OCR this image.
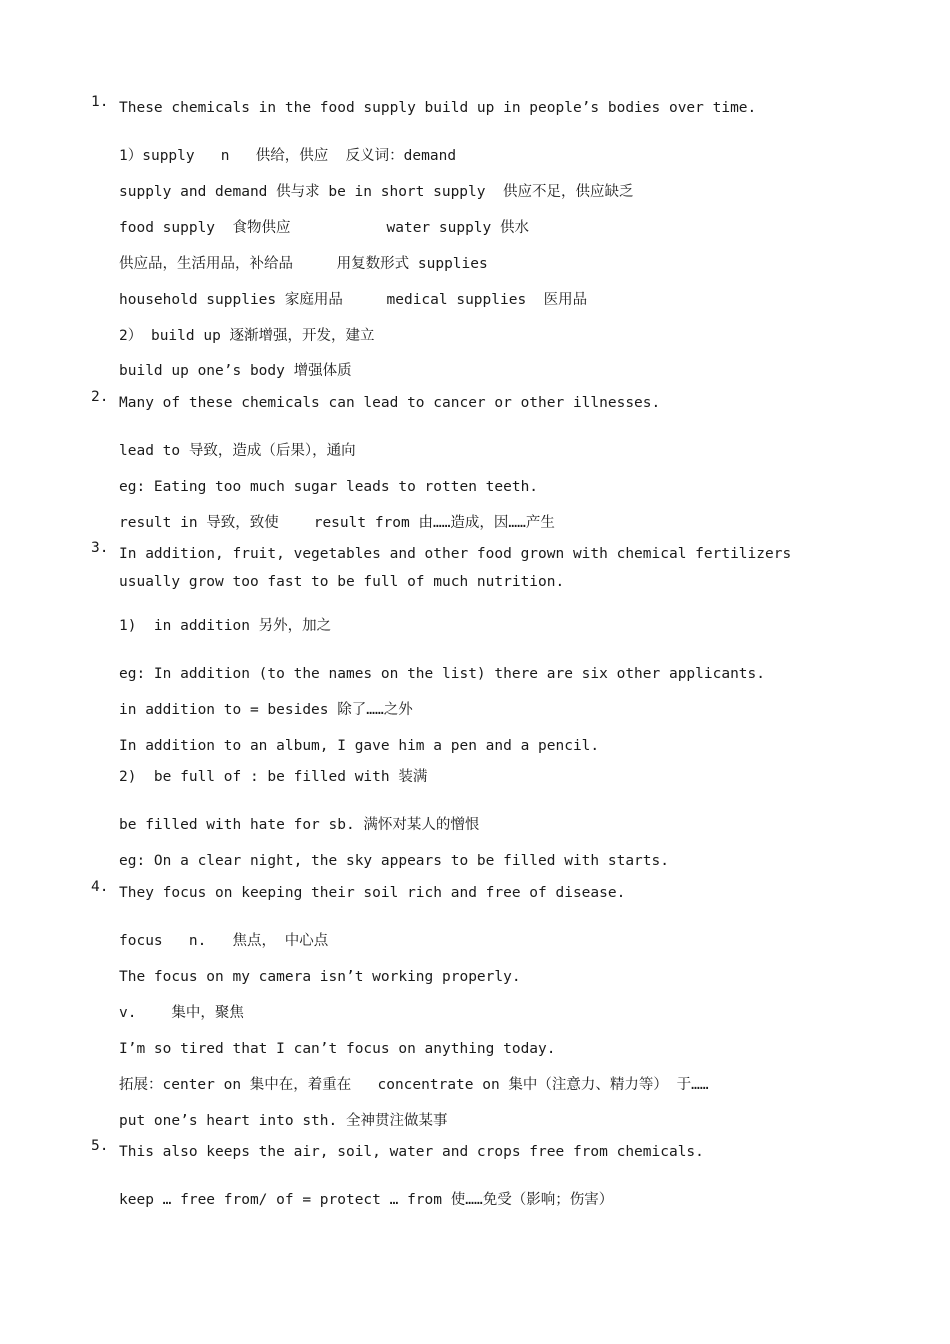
1. These chemicals in the food supply build up in people’s bodies over time.
1）supply   n   供给，供应  反义词：demand
supply and demand 供与求 be in short supply  供应不足，供应缺乏
food supply  食物供应           water supply 供水
供应品，生活用品，补给品     用复数形式 supplies
household supplies 家庭用品     medical supplies  医用品
2） build up 逐渐增强，开发，建立
build up one’s body 增强体质
2. Many of these chemicals can lead to cancer or other illnesses.
lead to 导致，造成（后果），通向
eg: Eating too much sugar leads to rotten teeth.
result in 导致，致使    result from 由……造成，因……产生
3. In addition, fruit, vegetables and other food grown with chemical fertilizers usually grow too fast to be full of much nutrition.
1)  in addition 另外，加之
eg: In addition (to the names on the list) there are six other applicants.
in addition to = besides 除了……之外
In addition to an album, I gave him a pen and a pencil.
2)  be full of : be filled with 装满
be filled with hate for sb. 满怀对某人的憎恨
eg: On a clear night, the sky appears to be filled with starts.
4. They focus on keeping their soil rich and free of disease.
focus   n.   焦点， 中心点
The focus on my camera isn’t working properly.
v.    集中，聚焦
I’m so tired that I can’t focus on anything today.
拓展：center on 集中在，着重在   concentrate on 集中（注意力、精力等） 于……
put one’s heart into sth. 全神贯注做某事
5. This also keeps the air, soil, water and crops free from chemicals.
keep … free from/ of = protect … from 使……免受（影响；伤害）
